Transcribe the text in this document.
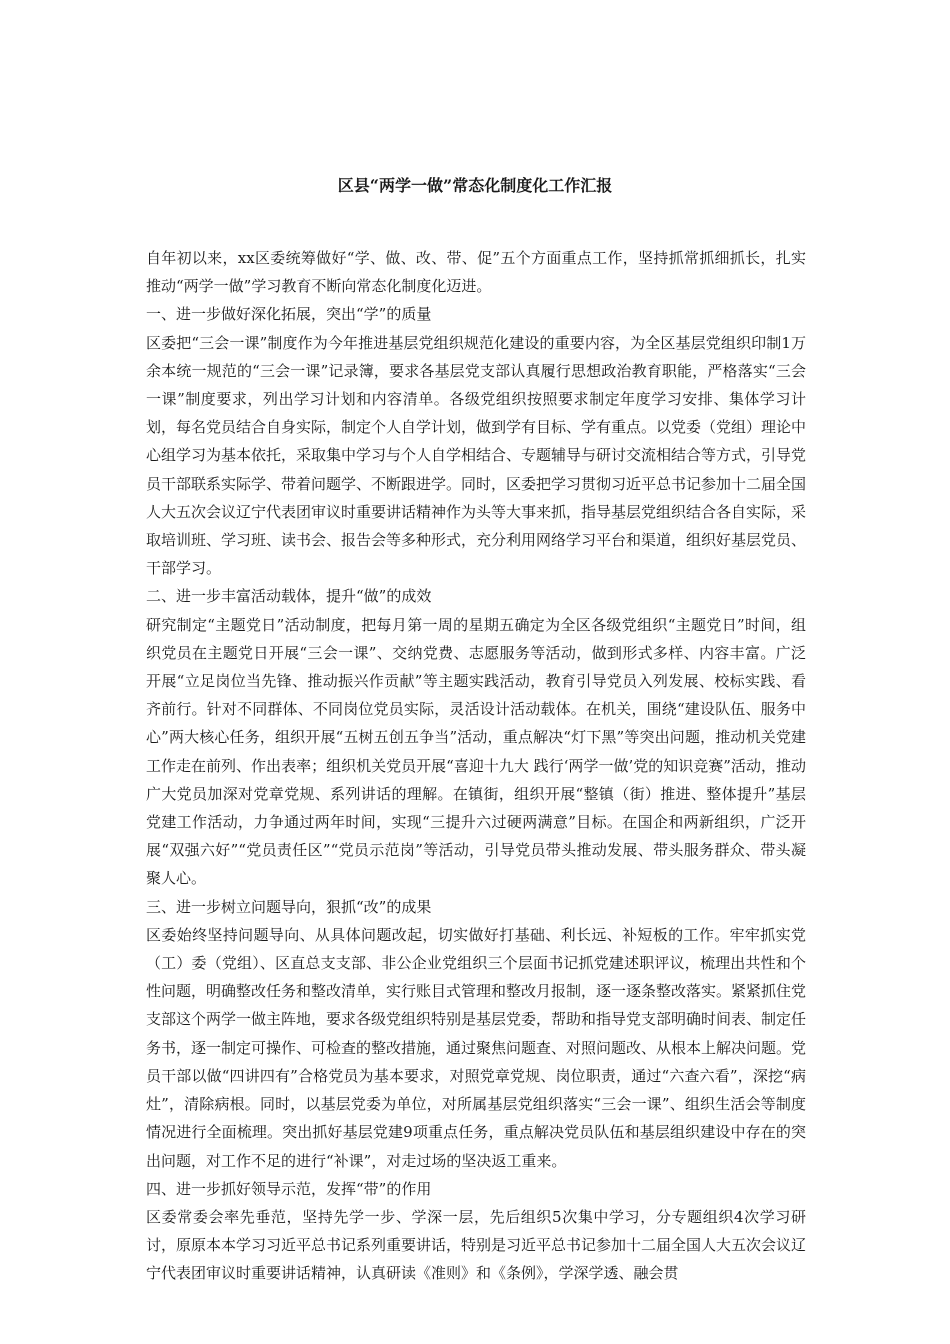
区县“两学一做”常态化制度化工作汇报

自年初以来，xx区委统筹做好“学、做、改、带、促”五个方面重点工作，坚持抓常抓细抓长，扎实推动“两学一做”学习教育不断向常态化制度化迈进。

一、进一步做好深化拓展，突出“学”的质量

区委把“三会一课”制度作为今年推进基层党组织规范化建设的重要内容，为全区基层党组织印制1万余本统一规范的“三会一课”记录簿，要求各基层党支部认真履行思想政治教育职能，严格落实“三会一课”制度要求，列出学习计划和内容清单。各级党组织按照要求制定年度学习安排、集体学习计划，每名党员结合自身实际，制定个人自学计划，做到学有目标、学有重点。以党委（党组）理论中心组学习为基本依托，采取集中学习与个人自学相结合、专题辅导与研讨交流相结合等方式，引导党员干部联系实际学、带着问题学、不断跟进学。同时，区委把学习贯彻习近平总书记参加十二届全国人大五次会议辽宁代表团审议时重要讲话精神作为头等大事来抓，指导基层党组织结合各自实际，采取培训班、学习班、读书会、报告会等多种形式，充分利用网络学习平台和渠道，组织好基层党员、干部学习。

二、进一步丰富活动载体，提升“做”的成效

研究制定“主题党日”活动制度，把每月第一周的星期五确定为全区各级党组织“主题党日”时间，组织党员在主题党日开展“三会一课”、交纳党费、志愿服务等活动，做到形式多样、内容丰富。广泛开展“立足岗位当先锋、推动振兴作贡献”等主题实践活动，教育引导党员入列发展、校标实践、看齐前行。针对不同群体、不同岗位党员实际，灵活设计活动载体。在机关，围绕“建设队伍、服务中心”两大核心任务，组织开展“五树五创五争当”活动，重点解决“灯下黑”等突出问题，推动机关党建工作走在前列、作出表率；组织机关党员开展“喜迎十九大 践行‘两学一做’党的知识竞赛”活动，推动广大党员加深对党章党规、系列讲话的理解。在镇街，组织开展“整镇（街）推进、整体提升”基层党建工作活动，力争通过两年时间，实现“三提升六过硬两满意”目标。在国企和两新组织，广泛开展“双强六好”“党员责任区”“党员示范岗”等活动，引导党员带头推动发展、带头服务群众、带头凝聚人心。

三、进一步树立问题导向，狠抓“改”的成果

区委始终坚持问题导向、从具体问题改起，切实做好打基础、利长远、补短板的工作。牢牢抓实党（工）委（党组）、区直总支支部、非公企业党组织三个层面书记抓党建述职评议，梳理出共性和个性问题，明确整改任务和整改清单，实行账目式管理和整改月报制，逐一逐条整改落实。紧紧抓住党支部这个两学一做主阵地，要求各级党组织特别是基层党委，帮助和指导党支部明确时间表、制定任务书，逐一制定可操作、可检查的整改措施，通过聚焦问题查、对照问题改、从根本上解决问题。党员干部以做“四讲四有”合格党员为基本要求，对照党章党规、岗位职责，通过“六查六看”，深挖“病灶”，清除病根。同时，以基层党委为单位，对所属基层党组织落实“三会一课”、组织生活会等制度情况进行全面梳理。突出抓好基层党建9项重点任务，重点解决党员队伍和基层组织建设中存在的突出问题，对工作不足的进行“补课”，对走过场的坚决返工重来。

四、进一步抓好领导示范，发挥“带”的作用

区委常委会率先垂范，坚持先学一步、学深一层，先后组织5次集中学习，分专题组织4次学习研讨，原原本本学习习近平总书记系列重要讲话，特别是习近平总书记参加十二届全国人大五次会议辽宁代表团审议时重要讲话精神，认真研读《准则》和《条例》，学深学透、融会贯
